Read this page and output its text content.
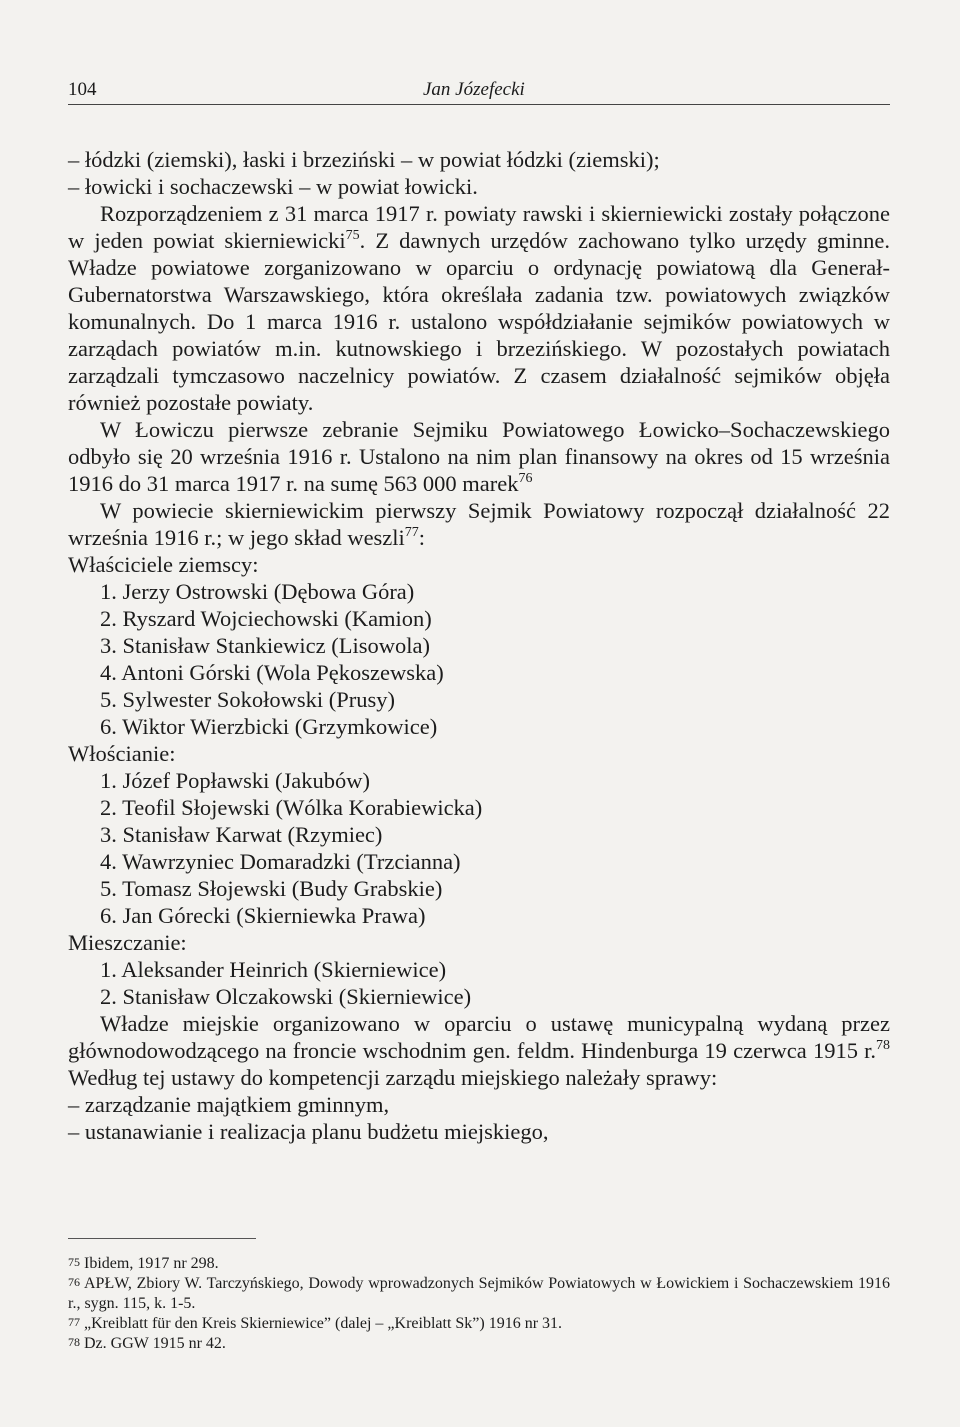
104	Jan Józefecki

– łódzki (ziemski), łaski i brzeziński – w powiat łódzki (ziemski);

– łowicki i sochaczewski – w powiat łowicki.

Rozporządzeniem z 31 marca 1917 r. powiaty rawski i skierniewicki zostały połączone w jeden powiat skierniewicki$^{75}$. Z dawnych urzędów zachowano tylko urzędy gminne. Władze powiatowe zorganizowano w oparciu o ordynację powiatową dla Generał-Gubernatorstwa Warszawskiego, która określała zadania tzw. powiatowych związków komunalnych. Do 1 marca 1916 r. ustalono współdziałanie sejmików powiatowych w zarządach powiatów m.in. kutnowskiego i brzezińskiego. W pozostałych powiatach zarządzali tymczasowo naczelnicy powiatów. Z czasem działalność sejmików objęła również pozostałe powiaty.

W Łowiczu pierwsze zebranie Sejmiku Powiatowego Łowicko–Sochaczewskiego odbyło się 20 września 1916 r. Ustalono na nim plan finansowy na okres od 15 września 1916 do 31 marca 1917 r. na sumę 563 000 marek$^{76}$

W powiecie skierniewickim pierwszy Sejmik Powiatowy rozpoczął działalność 22 września 1916 r.; w jego skład weszli$^{77}$:

Właściciele ziemscy:

1. Jerzy Ostrowski (Dębowa Góra)

2. Ryszard Wojciechowski (Kamion)

3. Stanisław Stankiewicz (Lisowola)

4. Antoni Górski (Wola Pękoszewska)

5. Sylwester Sokołowski (Prusy)

6. Wiktor Wierzbicki (Grzymkowice)

Włościanie:

1. Józef Popławski (Jakubów)

2. Teofil Słojewski (Wólka Korabiewicka)

3. Stanisław Karwat (Rzymiec)

4. Wawrzyniec Domaradzki (Trzcianna)

5. Tomasz Słojewski (Budy Grabskie)

6. Jan Górecki (Skierniewka Prawa)

Mieszczanie:

1. Aleksander Heinrich (Skierniewice)

2. Stanisław Olczakowski (Skierniewice)

Władze miejskie organizowano w oparciu o ustawę municypalną wydaną przez głównodowodzącego na froncie wschodnim gen. feldm. Hindenburga 19 czerwca 1915 r.$^{78}$ Według tej ustawy do kompetencji zarządu miejskiego należały sprawy:

– zarządzanie majątkiem gminnym,

– ustanawianie i realizacja planu budżetu miejskiego,

$^{75}$ Ibidem, 1917 nr 298.

$^{76}$ APŁW, Zbiory W. Tarczyńskiego, Dowody wprowadzonych Sejmików Powiatowych w Łowickiem i Sochaczewskiem 1916 r., sygn. 115, k. 1-5.

$^{77}$ „Kreiblatt für den Kreis Skierniewice” (dalej – „Kreiblatt Sk”) 1916 nr 31.

$^{78}$ Dz. GGW 1915 nr 42.
